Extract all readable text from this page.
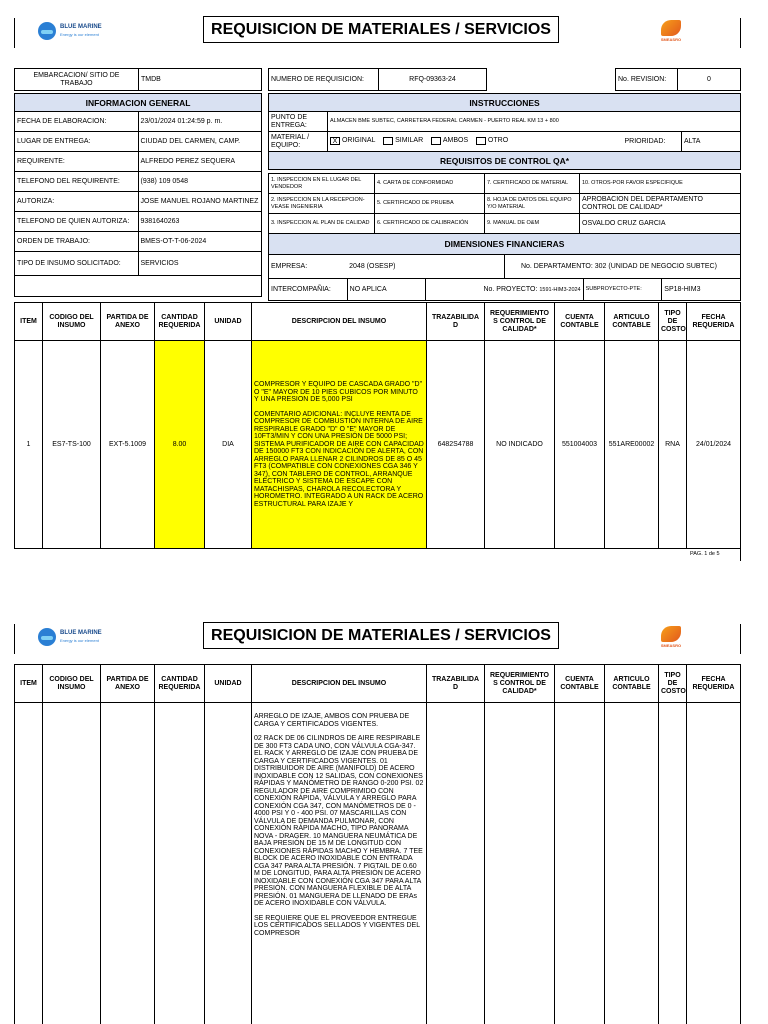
BLUE MARINE
Energy is our element	REQUISICION DE MATERIALES / SERVICIOS
SMEASRO
EMBARCACION/ SITIO DE TRABAJO	TMDB	NUMERO DE REQUISICION:	RFQ-09363-24		No. REVISION:	0
INFORMACION GENERAL	
FECHA DE ELABORACION:	23/01/2024 01:24:59 p. m.
LUGAR DE ENTREGA:	CIUDAD DEL CARMEN, CAMP.
REQUIRENTE:	ALFREDO PEREZ SEQUERA
TELEFONO DEL REQUIRENTE:	(938) 109 0548
AUTORIZA:	JOSE MANUEL ROJANO MARTINEZ
TELEFONO DE QUIEN AUTORIZA:	9381640263
ORDEN DE TRABAJO:	BMES-OT-T-06-2024
TIPO DE INSUMO SOLICITADO:	SERVICIOS

INSTRUCCIONES			
PUNTO DE ENTREGA:	ALMACEN BME SUBTEC, CARRETERA FEDERAL CARMEN - PUERTO REAL KM 13 + 800		
MATERIAL / EQUIPO:	X ORIGINAL SIMILAR AMBOS OTRO	PRIORIDAD:	ALTA
REQUISITOS DE CONTROL QA*			
1. INSPECCION EN EL LUGAR DEL VENDEDOR	4. CARTA DE CONFORMIDAD	7. CERTIFICADO DE MATERIAL	10. OTROS-POR FAVOR ESPECIFIQUE
2. INSPECCION EN LA RECEPCION-VEASE INGENIERIA	5. CERTIFICADO DE PRUEBA	8. HOJA DE DATOS DEL EQUIPO Y/O MATERIAL	APROBACION DEL DEPARTAMENTO CONTROL DE CALIDAD*
3. INSPECCION AL PLAN DE CALIDAD	6. CERTIFICADO DE CALIBRACIÓN	9. MANUAL DE O&M	OSVALDO CRUZ GARCIA
DIMENSIONES FINANCIERAS					
EMPRESA:	2048 (OSESP)		No. DEPARTAMENTO: 302 (UNIDAD DE NEGOCIO SUBTEC)		
INTERCOMPAÑIA:	NO APLICA	No. PROYECTO: 1591-HIM3-2024		SUBPROYECTO-PTE:	SP18-HIM3
ITEM	CODIGO DEL INSUMO	PARTIDA DE ANEXO	CANTIDAD REQUERIDA	UNIDAD	DESCRIPCION DEL INSUMO	TRAZABILIDA D	REQUERIMIENTO S CONTROL DE CALIDAD*	CUENTA CONTABLE	ARTICULO CONTABLE	TIPO DE COSTO	FECHA REQUERIDA
1	ES7-TS-100	EXT-5.1009	8.00	DIA	COMPRESOR Y EQUIPO DE CASCADA GRADO "D" O "E" MAYOR DE 10 PIES CUBICOS POR MINUTO Y UNA PRESION DE 5,000 PSI

COMENTARIO ADICIONAL: INCLUYE RENTA DE COMPRESOR DE COMBUSTIÓN INTERNA DE AIRE RESPIRABLE GRADO "D" O "E" MAYOR DE 10FT3/MIN Y CON UNA PRESIÓN DE 5000 PSI; SISTEMA PURIFICADOR DE AIRE CON CAPACIDAD DE 150000 FT3 CON INDICACIÓN DE ALERTA, CON ARREGLO PARA LLENAR 2 CILINDROS DE 85 O 45 FT3 (COMPATIBLE CON CONEXIONES CGA 346 Y 347), CON TABLERO DE CONTROL, ARRANQUE ELÉCTRICO Y SISTEMA DE ESCAPE CON MATACHISPAS, CHAROLA RECOLECTORA Y HOROMETRO. INTEGRADO A UN RACK DE ACERO ESTRUCTURAL PARA IZAJE Y	6482S4788	NO INDICADO	551004003	551ARE00002	RNA	24/01/2024
PAG. 1 de 5
BLUE MARINE
Energy is our element	REQUISICION DE MATERIALES / SERVICIOS
SMEASRO
ITEM	CODIGO DEL INSUMO	PARTIDA DE ANEXO	CANTIDAD REQUERIDA	UNIDAD	DESCRIPCION DEL INSUMO	TRAZABILIDA D	REQUERIMIENTO S CONTROL DE CALIDAD*	CUENTA CONTABLE	ARTICULO CONTABLE	TIPO DE COSTO	FECHA REQUERIDA

					ARREGLO DE IZAJE, AMBOS CON PRUEBA DE CARGA Y CERTIFICADOS VIGENTES.

02 RACK DE 06 CILINDROS DE AIRE RESPIRABLE DE 300 FT3 CADA UNO, CON VÁLVULA CGA-347. EL RACK Y ARREGLO DE IZAJE CON PRUEBA DE CARGA Y CERTIFICADOS VIGENTES. 01 DISTRIBUIDOR DE AIRE (MANIFOLD) DE ACERO INOXIDABLE CON 12 SALIDAS, CON CONEXIONES RÁPIDAS Y MANÓMETRO DE RANGO 0-200 PSI. 02 REGULADOR DE AIRE COMPRIMIDO CON CONEXIÓN RÁPIDA, VÁLVULA Y ARREGLO PARA CONEXIÓN CGA 347, CON MANÓMETROS DE 0 - 4000 PSI Y 0 - 400 PSI. 07 MASCARILLAS CON VÁLVULA DE DEMANDA PULMONAR, CON CONEXIÓN RÁPIDA MACHO, TIPO PANORAMA NOVA - DRAGER. 10 MANGUERA NEUMÁTICA DE BAJA PRESIÓN DE 15 M DE LONGITUD CON CONEXIONES RÁPIDAS MACHO Y HEMBRA. 7 TEE BLOCK DE ACERO INOXIDABLE CON ENTRADA CGA 347 PARA ALTA PRESIÓN. 7 PIGTAIL DE 0.60 M DE LONGITUD, PARA ALTA PRESIÓN DE ACERO INOXIDABLE CON CONEXIÓN CGA 347 PARA ALTA PRESIÓN. CON MANGUERA FLEXIBLE DE ALTA PRESIÓN. 01 MANGUERA DE LLENADO DE ERAs DE ACERO INOXIDABLE CON VÁLVULA.

SE REQUIERE QUE EL PROVEEDOR ENTREGUE LOS CERTIFICADOS SELLADOS Y VIGENTES DEL COMPRESOR						
